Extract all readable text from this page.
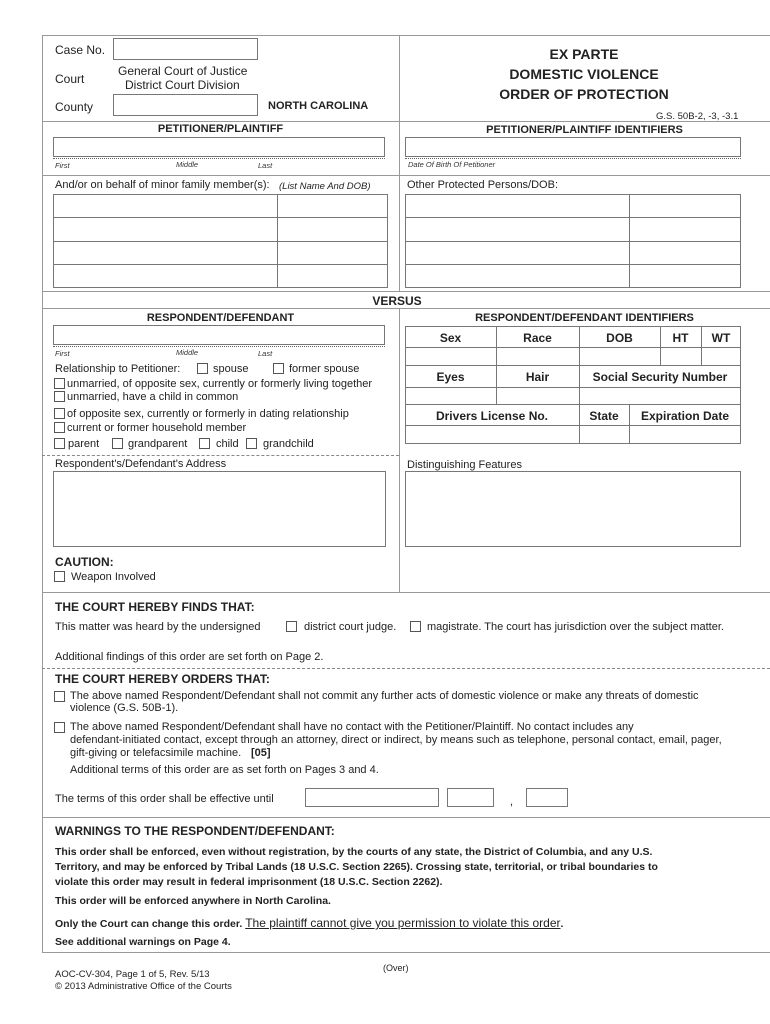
Case No.
Court
General Court of Justice
District Court Division
County	NORTH CAROLINA
EX PARTE
DOMESTIC VIOLENCE
ORDER OF PROTECTION
G.S. 50B-2, -3, -3.1
PETITIONER/PLAINTIFF	PETITIONER/PLAINTIFF IDENTIFIERS
First	Middle	Last	Date Of Birth Of Petitioner
And/or on behalf of minor family member(s): (List Name And DOB)	Other Protected Persons/DOB:
VERSUS
RESPONDENT/DEFENDANT
First	Middle	Last
Relationship to Petitioner:	spouse	former spouse
unmarried, of opposite sex, currently or formerly living together
unmarried, have a child in common
of opposite sex, currently or formerly in dating relationship
current or former household member
parent	grandparent	child grandchild
Respondent's/Defendant's Address
CAUTION:
Weapon Involved
RESPONDENT/DEFENDANT IDENTIFIERS
Sex	Race	DOB	HT	WT
Eyes	Hair	Social Security Number
Drivers License No.	State	Expiration Date
Distinguishing Features
THE COURT HEREBY FINDS THAT:
This matter was heard by the undersigned	district court judge.	magistrate. The court has jurisdiction over the subject matter.
Additional findings of this order are set forth on Page 2.
THE COURT HEREBY ORDERS THAT:
The above named Respondent/Defendant shall not commit any further acts of domestic violence or make any threats of domestic
violence (G.S. 50B-1).
The above named Respondent/Defendant shall have no contact with the Petitioner/Plaintiff. No contact includes any
defendant-initiated contact, except through an attorney, direct or indirect, by means such as telephone, personal contact, email, pager,
gift-giving or telefacsimile machine. [05]
Additional terms of this order are as set forth on Pages 3 and 4.
The terms of this order shall be effective until	,
WARNINGS TO THE RESPONDENT/DEFENDANT:
This order shall be enforced, even without registration, by the courts of any state, the District of Columbia, and any U.S.
Territory, and may be enforced by Tribal Lands (18 U.S.C. Section 2265). Crossing state, territorial, or tribal boundaries to
violate this order may result in federal imprisonment (18 U.S.C. Section 2262).
This order will be enforced anywhere in North Carolina.
Only the Court can change this order. The plaintiff cannot give you permission to violate this order.
See additional warnings on Page 4.
(Over)
AOC-CV-304, Page 1 of 5, Rev. 5/13
© 2013 Administrative Office of the Courts
